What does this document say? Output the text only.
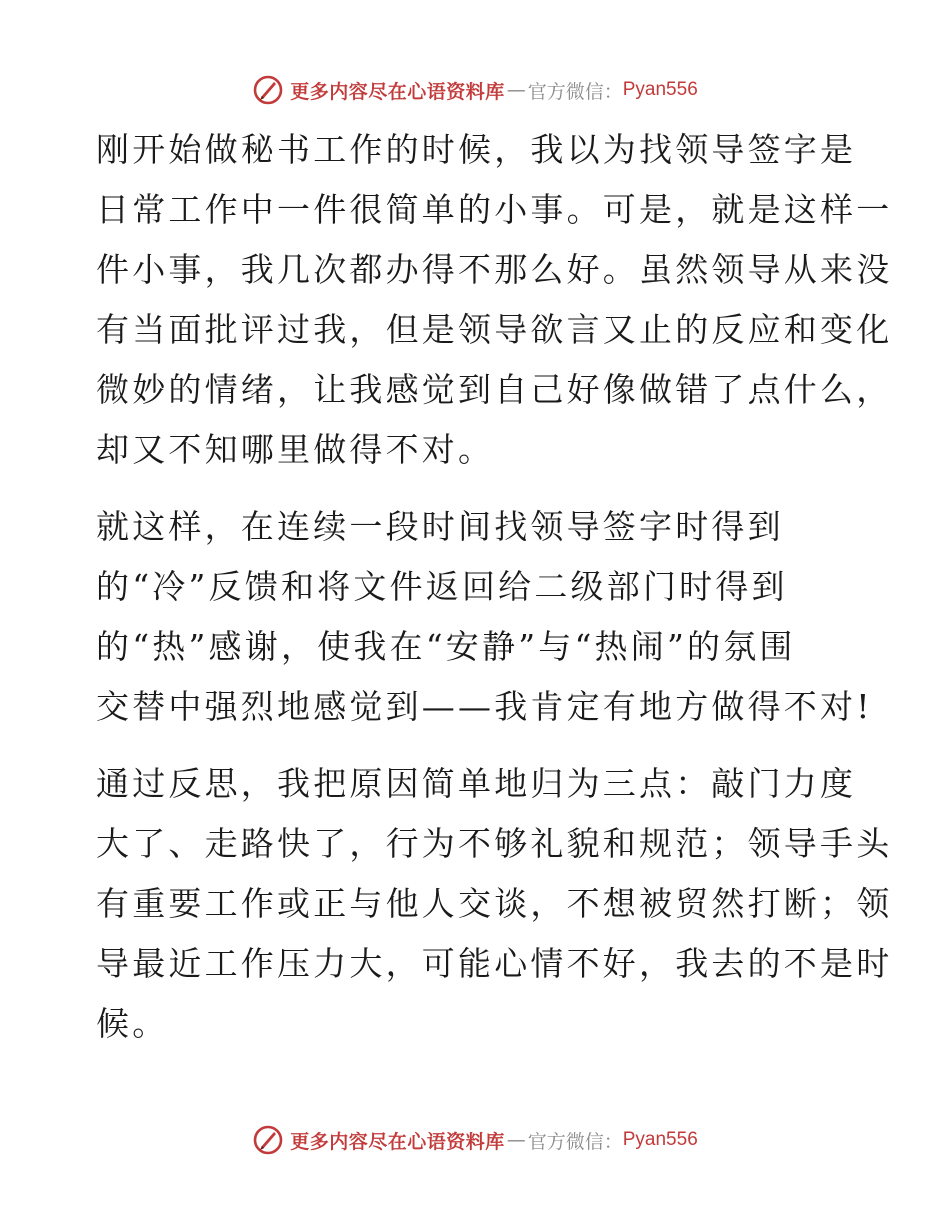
更多内容尽在心语资料库 — 官方微信： Pyan556
刚开始做秘书工作的时候，我以为找领导签字是
日常工作中一件很简单的小事。可是，就是这样一
件小事，我几次都办得不那么好。虽然领导从来没
有当面批评过我，但是领导欲言又止的反应和变化
微妙的情绪，让我感觉到自己好像做错了点什么，
却又不知哪里做得不对。
就这样，在连续一段时间找领导签字时得到
的“冷”反馈和将文件返回给二级部门时得到
的“热”感谢，使我在“安静”与“热闹”的氛围
交替中强烈地感觉到——我肯定有地方做得不对!
通过反思，我把原因简单地归为三点：敲门力度
大了、走路快了，行为不够礼貌和规范；领导手头
有重要工作或正与他人交谈，不想被贸然打断；领
导最近工作压力大，可能心情不好，我去的不是时
候。
更多内容尽在心语资料库 — 官方微信： Pyan556
